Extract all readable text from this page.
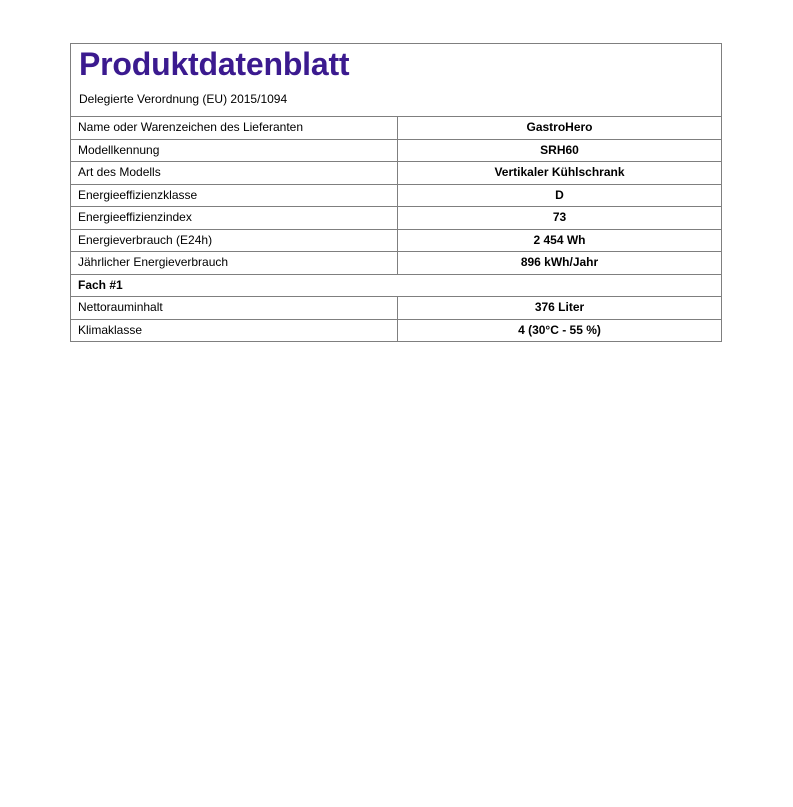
Produktdatenblatt
Delegierte Verordnung (EU) 2015/1094
Name oder Warenzeichen des Lieferanten	GastroHero
Modellkennung	SRH60
Art des Modells	Vertikaler Kühlschrank
Energieeffizienzklasse	D
Energieeffizienzindex	73
Energieverbrauch (E24h)	2 454 Wh
Jährlicher Energieverbrauch	896 kWh/Jahr
Fach #1	
Nettorauminhalt	376 Liter
Klimaklasse	4 (30°C - 55 %)
